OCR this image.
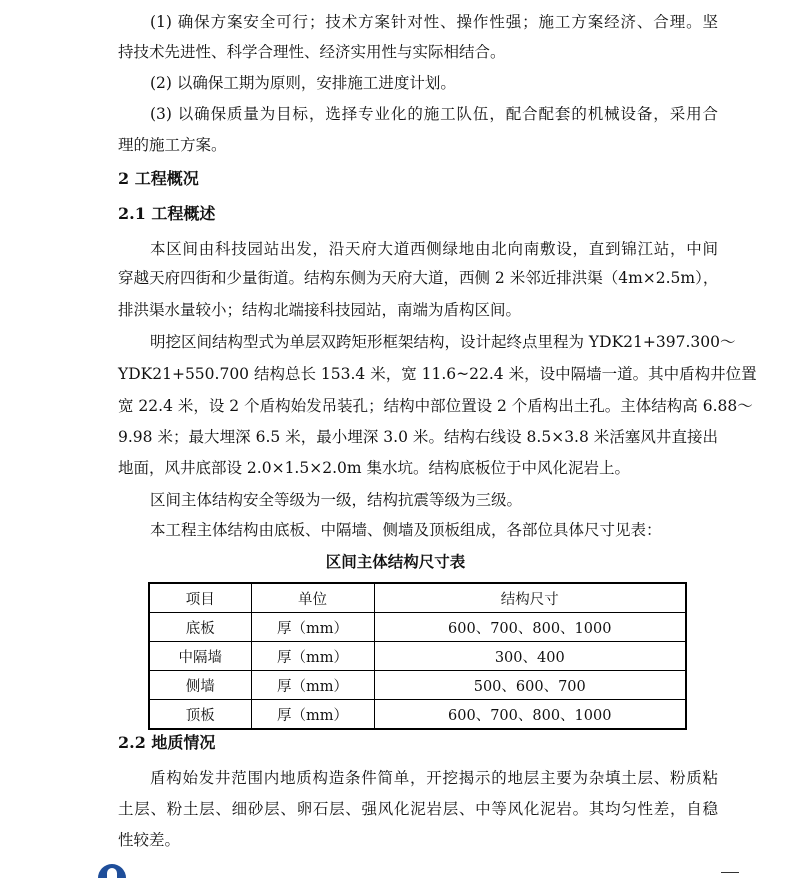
(1) 确保方案安全可行；技术方案针对性、操作性强；施工方案经济、合理。坚
持技术先进性、科学合理性、经济实用性与实际相结合。
(2) 以确保工期为原则，安排施工进度计划。
(3) 以确保质量为目标，选择专业化的施工队伍，配合配套的机械设备，采用合
理的施工方案。
2 工程概况
2.1 工程概述
本区间由科技园站出发，沿天府大道西侧绿地由北向南敷设，直到锦江站，中间
穿越天府四街和少量街道。结构东侧为天府大道，西侧 2 米邻近排洪渠（4m×2.5m），
排洪渠水量较小；结构北端接科技园站，南端为盾构区间。
明挖区间结构型式为单层双跨矩形框架结构，设计起终点里程为 YDK21+397.300～
YDK21+550.700 结构总长 153.4 米，宽 11.6~22.4 米，设中隔墙一道。其中盾构井位置
宽 22.4 米，设 2 个盾构始发吊装孔；结构中部位置设 2 个盾构出土孔。主体结构高 6.88～
9.98 米；最大埋深 6.5 米，最小埋深 3.0 米。结构右线设 8.5×3.8 米活塞风井直接出
地面，风井底部设 2.0×1.5×2.0m 集水坑。结构底板位于中风化泥岩上。
区间主体结构安全等级为一级，结构抗震等级为三级。
本工程主体结构由底板、中隔墙、侧墙及顶板组成，各部位具体尺寸见表：
区间主体结构尺寸表
项目	单位	结构尺寸
底板	厚（mm）	600、700、800、1000
中隔墙	厚（mm）	300、400
侧墙	厚（mm）	500、600、700
顶板	厚（mm）	600、700、800、1000
2.2 地质情况
盾构始发井范围内地质构造条件简单，开挖揭示的地层主要为杂填土层、粉质粘
土层、粉土层、细砂层、卵石层、强风化泥岩层、中等风化泥岩。其均匀性差，自稳
性较差。
